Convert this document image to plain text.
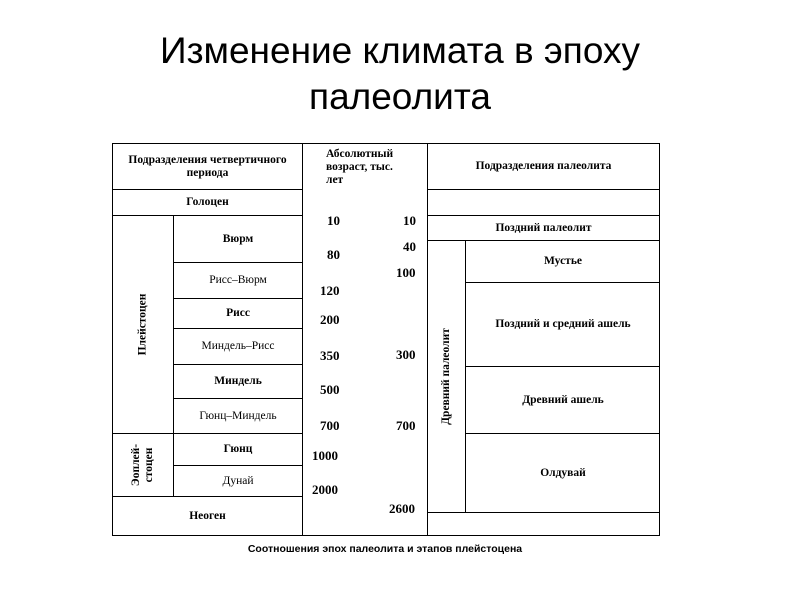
Изменение климата в эпоху
палеолита
Подразделения четвертичного периода
Абсолютный возраст, тыс. лет
Подразделения палеолита
Голоцен
Плейстоцен
Эоплей-стоцен
Вюрм
Рисс–Вюрм
Рисс
Миндель–Рисс
Миндель
Гюнц–Миндель
Гюнц
Дунай
Неоген
10
80
120
200
350
500
700
1000
2000
10
40
100
300
700
2600
Поздний палеолит
Древний палеолит
Мустье
Поздний и средний ашель
Древний ашель
Олдувай
Соотношения эпох палеолита и этапов плейстоцена
